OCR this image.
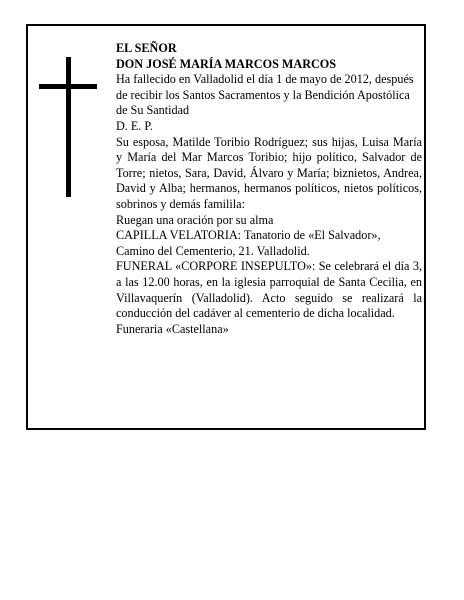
EL SEÑOR

DON JOSÉ MARÍA MARCOS MARCOS

Ha fallecido en Valladolid el día 1 de mayo de 2012, después de recibir los Santos Sacramentos y la Bendición Apostólica de Su Santidad

D. E. P.

Su esposa, Matilde Toribio Rodríguez; sus hijas, Luisa María y María del Mar Marcos Toribio; hijo político, Salvador de Torre; nietos, Sara, David, Álvaro y María; biznietos, Andrea, David y Alba; hermanos, hermanos políticos, nietos políticos, sobrinos y demás familila:

Ruegan una oración por su alma

CAPILLA VELATORIA: Tanatorio de «El Salvador», Camino del Cementerio, 21. Valladolid.

FUNERAL «CORPORE INSEPULTO»: Se celebrará el día 3, a las 12.00 horas, en la iglesia parroquial de Santa Cecilia, en Villavaquerín (Valladolid). Acto seguido se realizará la conducción del cadáver al cementerio de dicha localidad.

Funeraria «Castellana»
